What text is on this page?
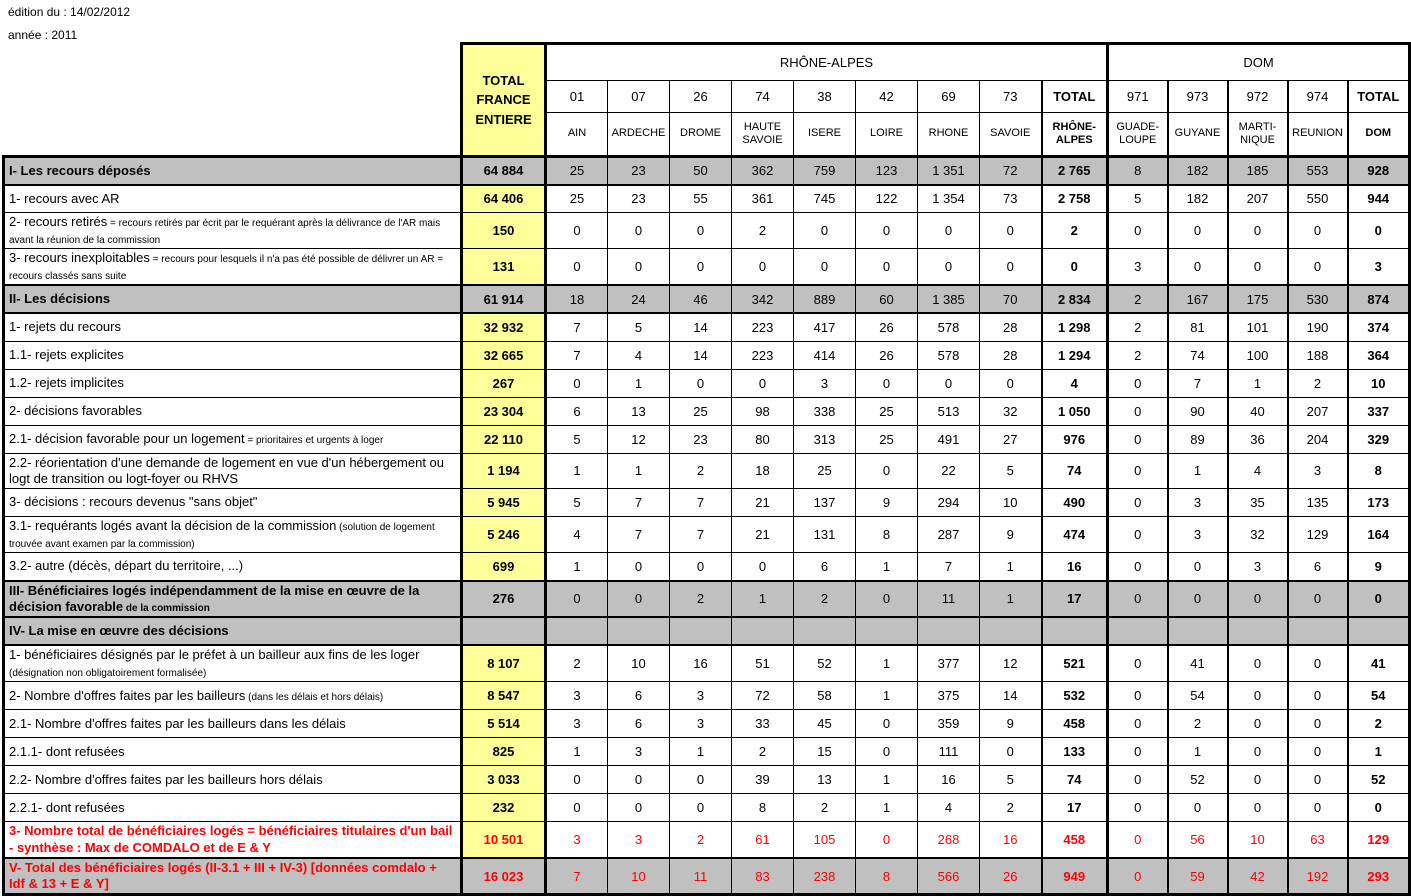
édition du : 14/02/2012
année : 2011
	TOTAL FRANCE ENTIERE	RHÔNE-ALPES									DOM				
		01	07	26	74	38	42	69	73	TOTAL	971	973	972	974	TOTAL
		AIN	ARDECHE	DROME	HAUTE SAVOIE	ISERE	LOIRE	RHONE	SAVOIE	RHÔNE-ALPES	GUADE-LOUPE	GUYANE	MARTI-NIQUE	REUNION	DOM
I- Les recours déposés	64 884	25	23	50	362	759	123	1 351	72	2 765	8	182	185	553	928
1- recours avec AR	64 406	25	23	55	361	745	122	1 354	73	2 758	5	182	207	550	944
2- recours retirés = recours retirés par écrit par le requérant après la délivrance de l'AR mais avant la réunion de la commission	150	0	0	0	2	0	0	0	0	2	0	0	0	0	0
3- recours inexploitables = recours pour lesquels il n'a pas été possible de délivrer un AR = recours classés sans suite	131	0	0	0	0	0	0	0	0	0	3	0	0	0	3
II- Les décisions	61 914	18	24	46	342	889	60	1 385	70	2 834	2	167	175	530	874
1- rejets du recours	32 932	7	5	14	223	417	26	578	28	1 298	2	81	101	190	374
1.1- rejets explicites	32 665	7	4	14	223	414	26	578	28	1 294	2	74	100	188	364
1.2- rejets implicites	267	0	1	0	0	3	0	0	0	4	0	7	1	2	10
2- décisions favorables	23 304	6	13	25	98	338	25	513	32	1 050	0	90	40	207	337
2.1- décision favorable pour un logement = prioritaires et urgents à loger	22 110	5	12	23	80	313	25	491	27	976	0	89	36	204	329
2.2- réorientation d'une demande de logement en vue d'un hébergement ou logt de transition ou logt-foyer ou RHVS	1 194	1	1	2	18	25	0	22	5	74	0	1	4	3	8
3- décisions : recours devenus "sans objet"	5 945	5	7	7	21	137	9	294	10	490	0	3	35	135	173
3.1- requérants logés avant la décision de la commission (solution de logement trouvée avant examen par la commission)	5 246	4	7	7	21	131	8	287	9	474	0	3	32	129	164
3.2- autre (décès, départ du territoire, ...)	699	1	0	0	0	6	1	7	1	16	0	0	3	6	9
III- Bénéficiaires logés indépendamment de la mise en œuvre de la décision favorable de la commission	276	0	0	2	1	2	0	11	1	17	0	0	0	0	0
IV- La mise en œuvre des décisions															
1- bénéficiaires désignés par le préfet à un bailleur aux fins de les loger (désignation non obligatoirement formalisée)	8 107	2	10	16	51	52	1	377	12	521	0	41	0	0	41
2- Nombre d'offres faites par les bailleurs (dans les délais et hors délais)	8 547	3	6	3	72	58	1	375	14	532	0	54	0	0	54
2.1- Nombre d'offres faites par les bailleurs dans les délais	5 514	3	6	3	33	45	0	359	9	458	0	2	0	0	2
2.1.1- dont refusées	825	1	3	1	2	15	0	111	0	133	0	1	0	0	1
2.2- Nombre d'offres faites par les bailleurs hors délais	3 033	0	0	0	39	13	1	16	5	74	0	52	0	0	52
2.2.1- dont refusées	232	0	0	0	8	2	1	4	2	17	0	0	0	0	0
3- Nombre total de bénéficiaires logés = bénéficiaires titulaires d'un bail - synthèse : Max de COMDALO et de E & Y	10 501	3	3	2	61	105	0	268	16	458	0	56	10	63	129
V- Total des bénéficiaires logés (II-3.1 + III + IV-3) [données comdalo + Idf & 13 + E & Y]	16 023	7	10	11	83	238	8	566	26	949	0	59	42	192	293
